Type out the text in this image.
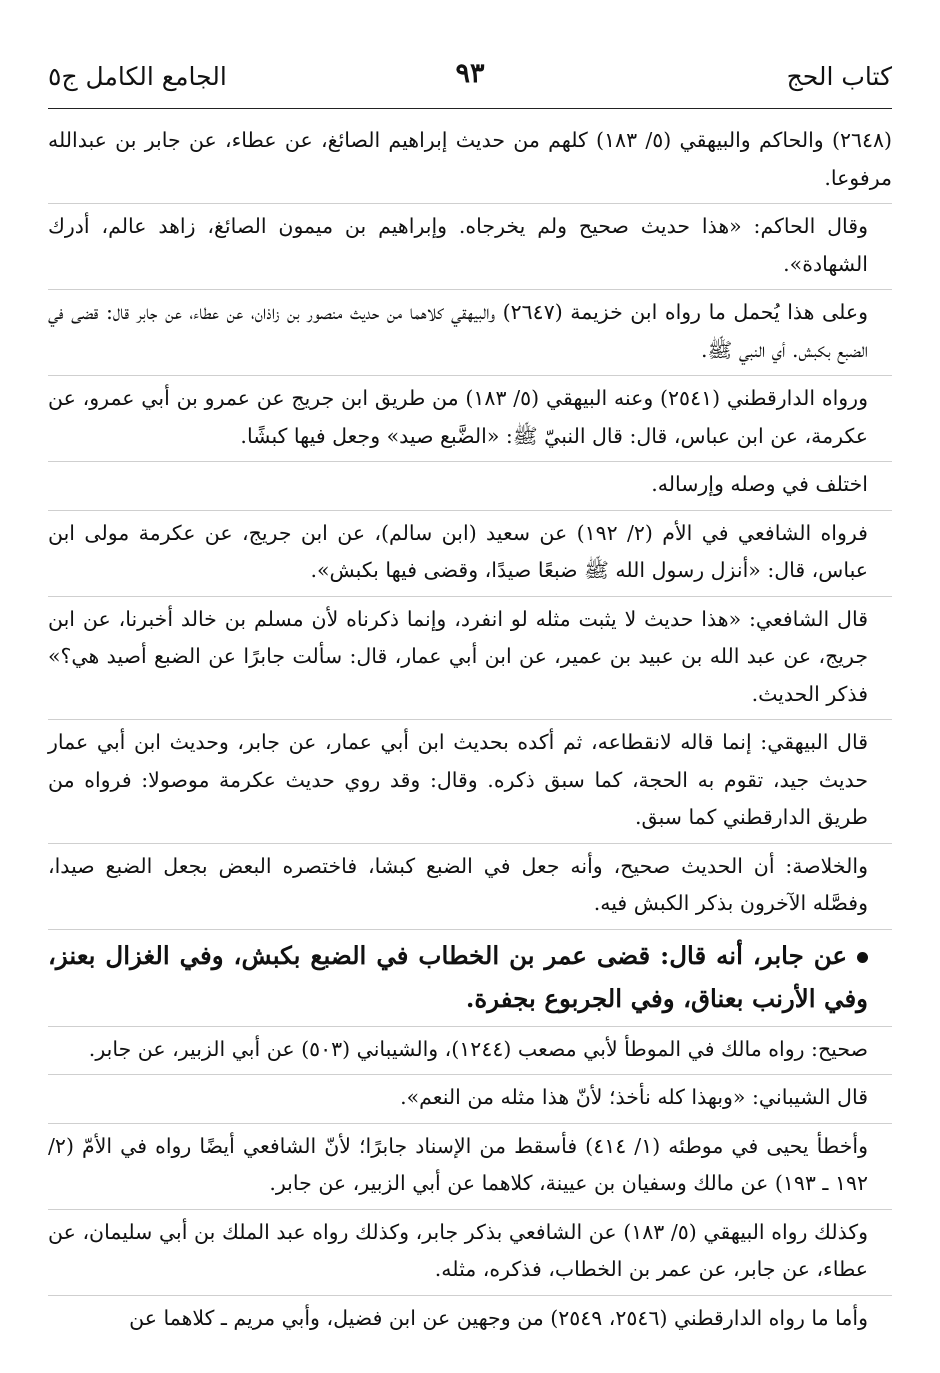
كتاب الحج
٩٣
الجامع الكامل ج٥

(٢٦٤٨) والحاكم والبيهقي (٥/ ١٨٣) كلهم من حديث إبراهيم الصائغ، عن عطاء، عن جابر بن عبدالله مرفوعا.

وقال الحاكم: «هذا حديث صحيح ولم يخرجاه. وإبراهيم بن ميمون الصائغ، زاهد عالم، أدرك الشهادة».

وعلى هذا يُحمل ما رواه ابن خزيمة (٢٦٤٧) والبيهقي كلاهما من حديث منصور بن زاذان، عن عطاء، عن جابر قال: قضى في الضبع بكبش. أي النبي ﷺ.

ورواه الدارقطني (٢٥٤١) وعنه البيهقي (٥/ ١٨٣) من طريق ابن جريج عن عمرو بن أبي عمرو، عن عكرمة، عن ابن عباس، قال: قال النبيّ ﷺ: «الضَّبع صيد» وجعل فيها كبشًا.

اختلف في وصله وإرساله.

فرواه الشافعي في الأم (٢/ ١٩٢) عن سعيد (ابن سالم)، عن ابن جريج، عن عكرمة مولى ابن عباس، قال: «أنزل رسول الله ﷺ ضبعًا صيدًا، وقضى فيها بكبش».

قال الشافعي: «هذا حديث لا يثبت مثله لو انفرد، وإنما ذكرناه لأن مسلم بن خالد أخبرنا، عن ابن جريج، عن عبد الله بن عبيد بن عمير، عن ابن أبي عمار، قال: سألت جابرًا عن الضبع أصيد هي؟» فذكر الحديث.

قال البيهقي: إنما قاله لانقطاعه، ثم أكده بحديث ابن أبي عمار، عن جابر، وحديث ابن أبي عمار حديث جيد، تقوم به الحجة، كما سبق ذكره. وقال: وقد روي حديث عكرمة موصولا: فرواه من طريق الدارقطني كما سبق.

والخلاصة: أن الحديث صحيح، وأنه جعل في الضبع كبشا، فاختصره البعض بجعل الضبع صيدا، وفصَّله الآخرون بذكر الكبش فيه.

عن جابر، أنه قال: قضى عمر بن الخطاب في الضبع بكبش، وفي الغزال بعنز، وفي الأرنب بعناق، وفي الجربوع بجفرة.

صحيح: رواه مالك في الموطأ لأبي مصعب (١٢٤٤)، والشيباني (٥٠٣) عن أبي الزبير، عن جابر.

قال الشيباني: «وبهذا كله نأخذ؛ لأنّ هذا مثله من النعم».

وأخطأ يحيى في موطئه (١/ ٤١٤) فأسقط من الإسناد جابرًا؛ لأنّ الشافعي أيضًا رواه في الأمّ (٢/ ١٩٢ ـ ١٩٣) عن مالك وسفيان بن عيينة، كلاهما عن أبي الزبير، عن جابر.

وكذلك رواه البيهقي (٥/ ١٨٣) عن الشافعي بذكر جابر، وكذلك رواه عبد الملك بن أبي سليمان، عن عطاء، عن جابر، عن عمر بن الخطاب، فذكره، مثله.

وأما ما رواه الدارقطني (٢٥٤٦، ٢٥٤٩) من وجهين عن ابن فضيل، وأبي مريم ـ كلاهما عن
